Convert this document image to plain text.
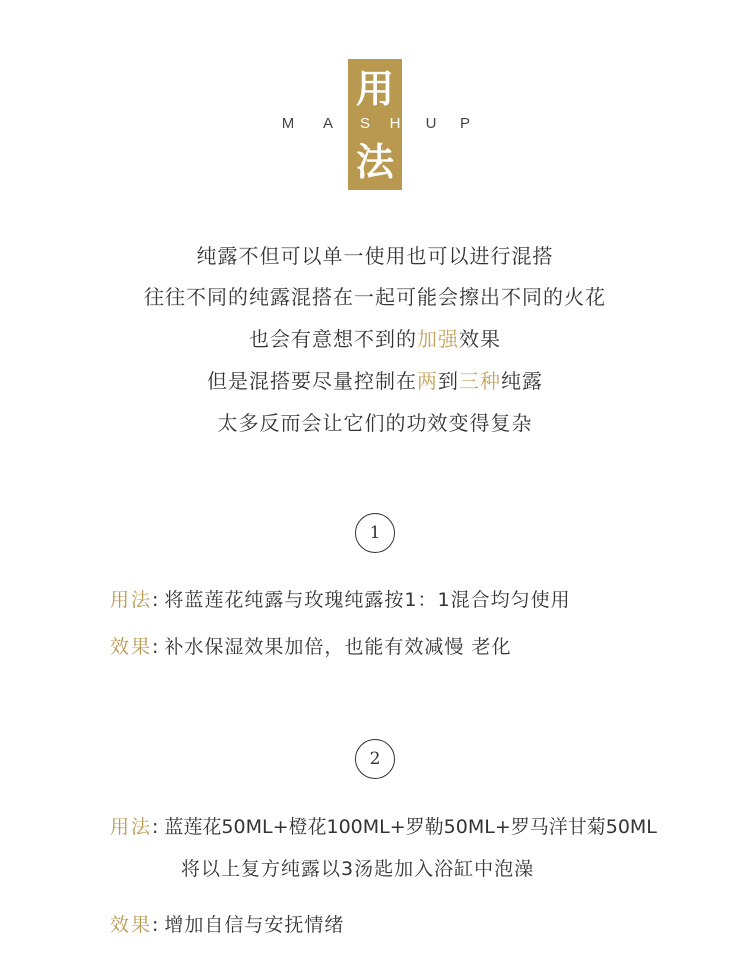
用
法
M	A	S	H	U	P
纯露不但可以单一使用也可以进行混搭
往往不同的纯露混搭在一起可能会擦出不同的火花
也会有意想不到的加强效果
但是混搭要尽量控制在两到三种纯露
太多反而会让它们的功效变得复杂
1
用法: 将蓝莲花纯露与玫瑰纯露按1：1混合均匀使用
效果: 补水保湿效果加倍，也能有效减慢 老化
2
用法: 蓝莲花50ML+橙花100ML+罗勒50ML+罗马洋甘菊50ML
将以上复方纯露以3汤匙加入浴缸中泡澡
效果: 增加自信与安抚情绪
